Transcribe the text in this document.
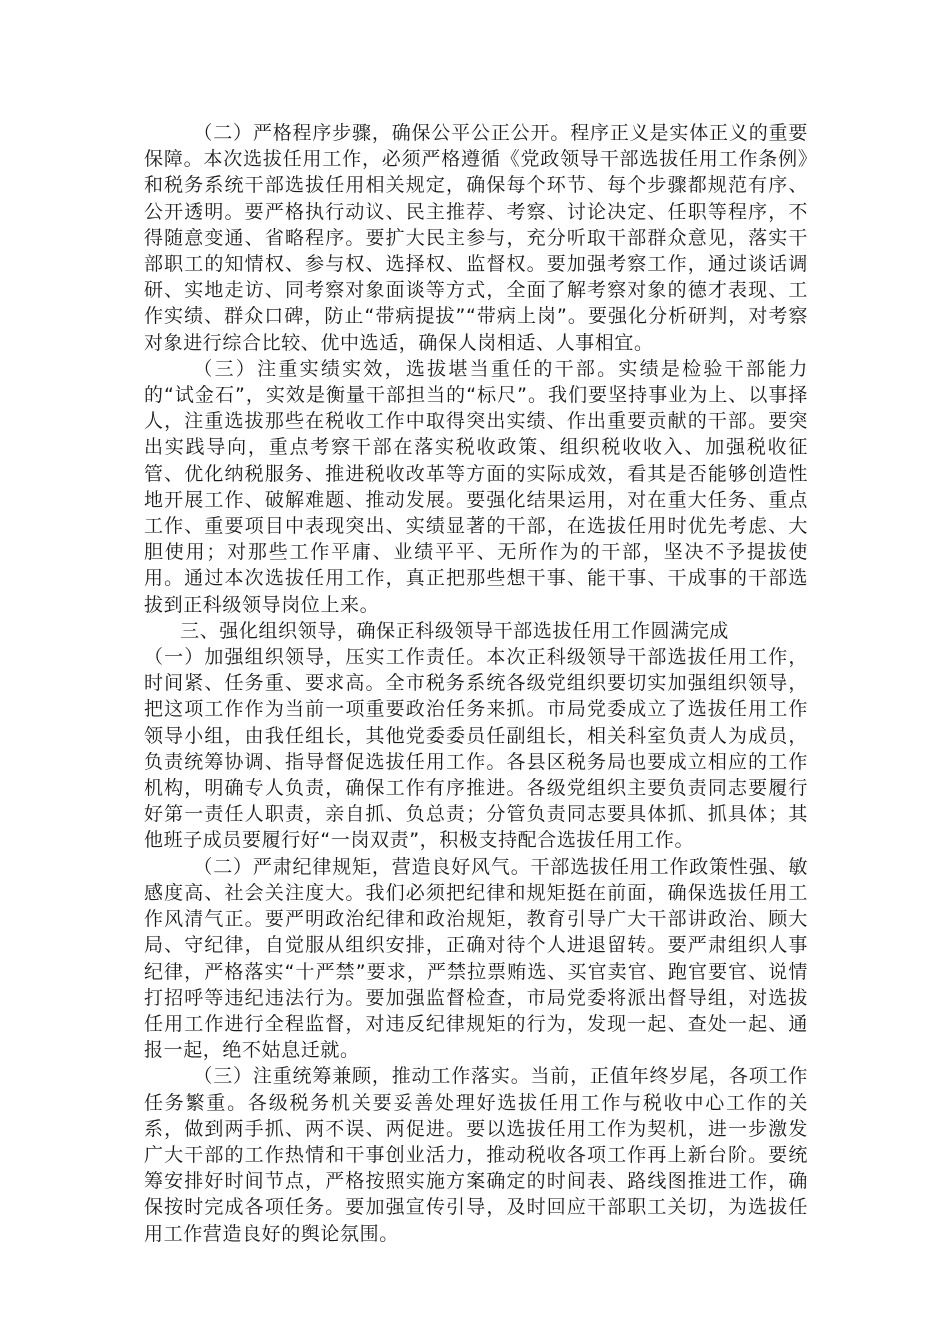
（二）严格程序步骤，确保公平公正公开。程序正义是实体正义的重要保障。本次选拔任用工作，必须严格遵循《党政领导干部选拔任用工作条例》和税务系统干部选拔任用相关规定，确保每个环节、每个步骤都规范有序、公开透明。要严格执行动议、民主推荐、考察、讨论决定、任职等程序，不得随意变通、省略程序。要扩大民主参与，充分听取干部群众意见，落实干部职工的知情权、参与权、选择权、监督权。要加强考察工作，通过谈话调研、实地走访、同考察对象面谈等方式，全面了解考察对象的德才表现、工作实绩、群众口碑，防止“带病提拔”“带病上岗”。要强化分析研判，对考察对象进行综合比较、优中选适，确保人岗相适、人事相宜。

（三）注重实绩实效，选拔堪当重任的干部。实绩是检验干部能力的“试金石”，实效是衡量干部担当的“标尺”。我们要坚持事业为上、以事择人，注重选拔那些在税收工作中取得突出实绩、作出重要贡献的干部。要突出实践导向，重点考察干部在落实税收政策、组织税收收入、加强税收征管、优化纳税服务、推进税收改革等方面的实际成效，看其是否能够创造性地开展工作、破解难题、推动发展。要强化结果运用，对在重大任务、重点工作、重要项目中表现突出、实绩显著的干部，在选拔任用时优先考虑、大胆使用；对那些工作平庸、业绩平平、无所作为的干部，坚决不予提拔使用。通过本次选拔任用工作，真正把那些想干事、能干事、干成事的干部选拔到正科级领导岗位上来。

三、强化组织领导，确保正科级领导干部选拔任用工作圆满完成

（一）加强组织领导，压实工作责任。本次正科级领导干部选拔任用工作，时间紧、任务重、要求高。全市税务系统各级党组织要切实加强组织领导，把这项工作作为当前一项重要政治任务来抓。市局党委成立了选拔任用工作领导小组，由我任组长，其他党委委员任副组长，相关科室负责人为成员，负责统筹协调、指导督促选拔任用工作。各县区税务局也要成立相应的工作机构，明确专人负责，确保工作有序推进。各级党组织主要负责同志要履行好第一责任人职责，亲自抓、负总责；分管负责同志要具体抓、抓具体；其他班子成员要履行好“一岗双责”，积极支持配合选拔任用工作。

（二）严肃纪律规矩，营造良好风气。干部选拔任用工作政策性强、敏感度高、社会关注度大。我们必须把纪律和规矩挺在前面，确保选拔任用工作风清气正。要严明政治纪律和政治规矩，教育引导广大干部讲政治、顾大局、守纪律，自觉服从组织安排，正确对待个人进退留转。要严肃组织人事纪律，严格落实“十严禁”要求，严禁拉票贿选、买官卖官、跑官要官、说情打招呼等违纪违法行为。要加强监督检查，市局党委将派出督导组，对选拔任用工作进行全程监督，对违反纪律规矩的行为，发现一起、查处一起、通报一起，绝不姑息迁就。

（三）注重统筹兼顾，推动工作落实。当前，正值年终岁尾，各项工作任务繁重。各级税务机关要妥善处理好选拔任用工作与税收中心工作的关系，做到两手抓、两不误、两促进。要以选拔任用工作为契机，进一步激发广大干部的工作热情和干事创业活力，推动税收各项工作再上新台阶。要统筹安排好时间节点，严格按照实施方案确定的时间表、路线图推进工作，确保按时完成各项任务。要加强宣传引导，及时回应干部职工关切，为选拔任用工作营造良好的舆论氛围。
